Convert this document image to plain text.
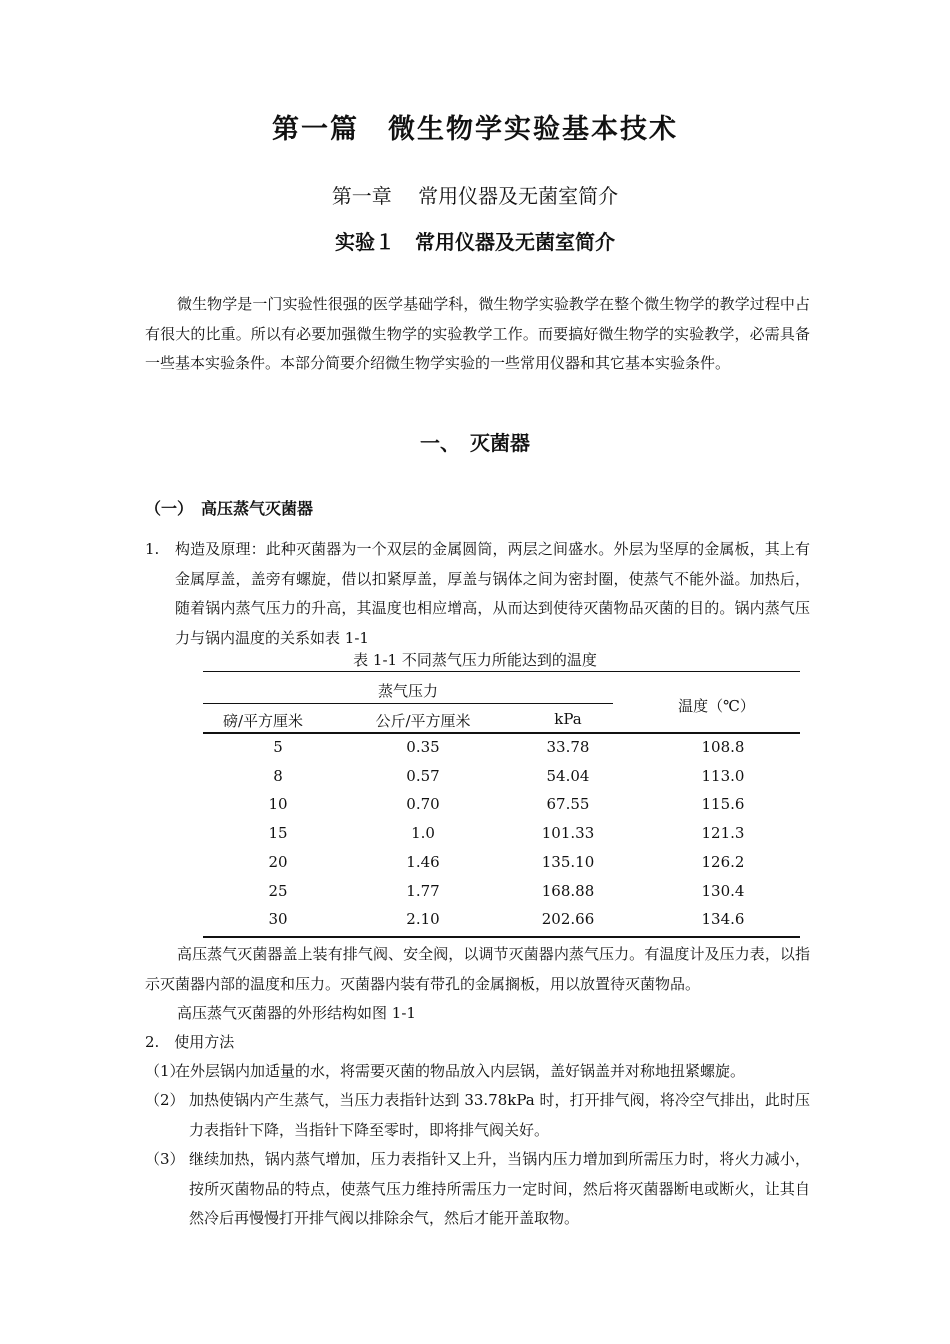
第一篇　微生物学实验基本技术
第一章　 常用仪器及无菌室简介
实验１　常用仪器及无菌室简介
微生物学是一门实验性很强的医学基础学科，微生物学实验教学在整个微生物学的教学过程中占有很大的比重。所以有必要加强微生物学的实验教学工作。而要搞好微生物学的实验教学，必需具备一些基本实验条件。本部分简要介绍微生物学实验的一些常用仪器和其它基本实验条件。
一、　灭菌器
（一）　高压蒸气灭菌器
1. 构造及原理：此种灭菌器为一个双层的金属圆筒，两层之间盛水。外层为坚厚的金属板，其上有金属厚盖，盖旁有螺旋，借以扣紧厚盖，厚盖与锅体之间为密封圈，使蒸气不能外溢。加热后，随着锅内蒸气压力的升高，其温度也相应增高，从而达到使待灭菌物品灭菌的目的。锅内蒸气压力与锅内温度的关系如表 1-1
表 1-1 不同蒸气压力所能达到的温度
蒸气压力
磅/平方厘米	公斤/平方厘米	kPa
温度（℃）
5	0.35	33.78	108.8
8	0.57	54.04	113.0
10	0.70	67.55	115.6
15	1.0	101.33	121.3
20	1.46	135.10	126.2
25	1.77	168.88	130.4
30	2.10	202.66	134.6
高压蒸气灭菌器盖上装有排气阀、安全阀，以调节灭菌器内蒸气压力。有温度计及压力表，以指示灭菌器内部的温度和压力。灭菌器内装有带孔的金属搁板，用以放置待灭菌物品。
高压蒸气灭菌器的外形结构如图 1-1
2.　使用方法
（1）
在外层锅内加适量的水，将需要灭菌的物品放入内层锅，盖好锅盖并对称地扭紧螺旋。
（2） 加热使锅内产生蒸气，当压力表指针达到 33.78kPa 时，打开排气阀，将冷空气排出，此时压力表指针下降，当指针下降至零时，即将排气阀关好。
（3） 继续加热，锅内蒸气增加，压力表指针又上升，当锅内压力增加到所需压力时，将火力减小，按所灭菌物品的特点，使蒸气压力维持所需压力一定时间，然后将灭菌器断电或断火，让其自然冷后再慢慢打开排气阀以排除余气，然后才能开盖取物。
